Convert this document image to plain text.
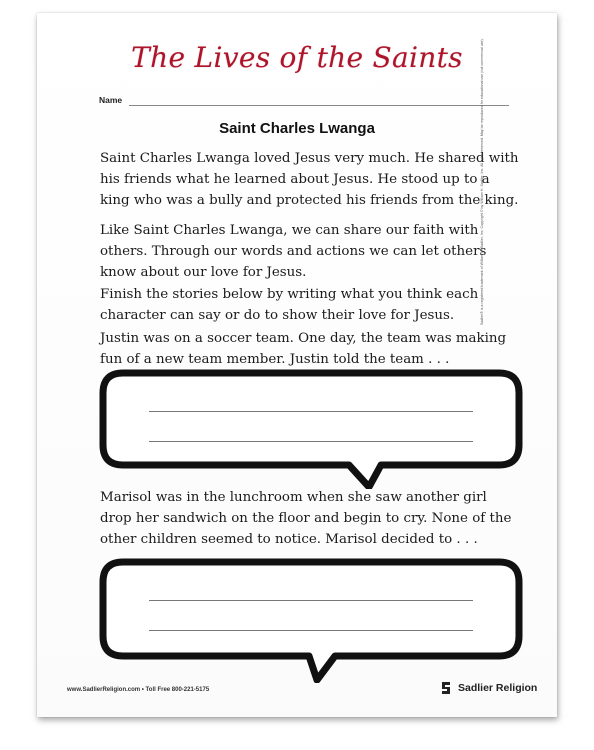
The Lives of the Saints
Name
Saint Charles Lwanga
Saint Charles Lwanga loved Jesus very much. He shared with his friends what he learned about Jesus. He stood up to a king who was a bully and protected his friends from the king.
Like Saint Charles Lwanga, we can share our faith with others. Through our words and actions we can let others know about our love for Jesus.
Finish the stories below by writing what you think each character can say or do to show their love for Jesus.
Justin was on a soccer team. One day, the team was making fun of a new team member. Justin told the team . . .
Marisol was in the lunchroom when she saw another girl drop her sandwich on the floor and begin to cry. None of the other children seemed to notice. Marisol decided to . . .
Sadlier® is a registered trademark of William H. Sadlier, Inc. Copyright © by William H. Sadlier, Inc. All rights reserved. May be reproduced for educational use (not commercial use).
www.SadlierReligion.com • Toll Free 800-221-5175	Sadlier Religion
